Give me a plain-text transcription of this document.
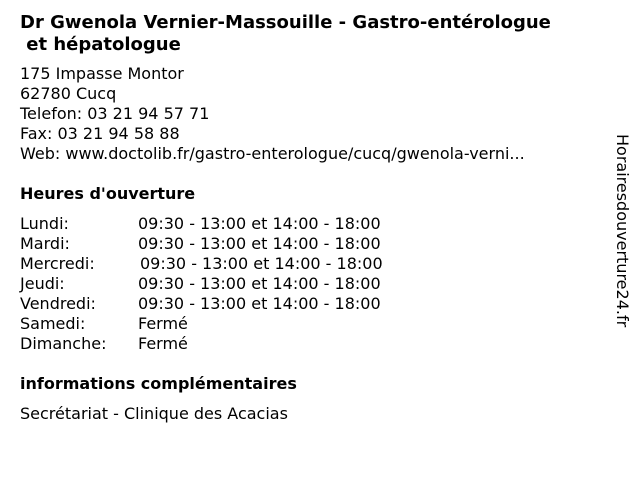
Dr Gwenola Vernier-Massouille - Gastro-entérologue
et hépatologue
175 Impasse Montor
62780 Cucq
Telefon: 03 21 94 57 71
Fax: 03 21 94 58 88
Web: www.doctolib.fr/gastro-enterologue/cucq/gwenola-verni...
Heures d'ouverture
Lundi:	09:30 - 13:00 et 14:00 - 18:00
Mardi:	09:30 - 13:00 et 14:00 - 18:00
Mercredi:	09:30 - 13:00 et 14:00 - 18:00
Jeudi:	09:30 - 13:00 et 14:00 - 18:00
Vendredi:	09:30 - 13:00 et 14:00 - 18:00
Samedi:	Fermé
Dimanche: Fermé
informations complémentaires
Secrétariat - Clinique des Acacias
Horairesdouverture24.fr
